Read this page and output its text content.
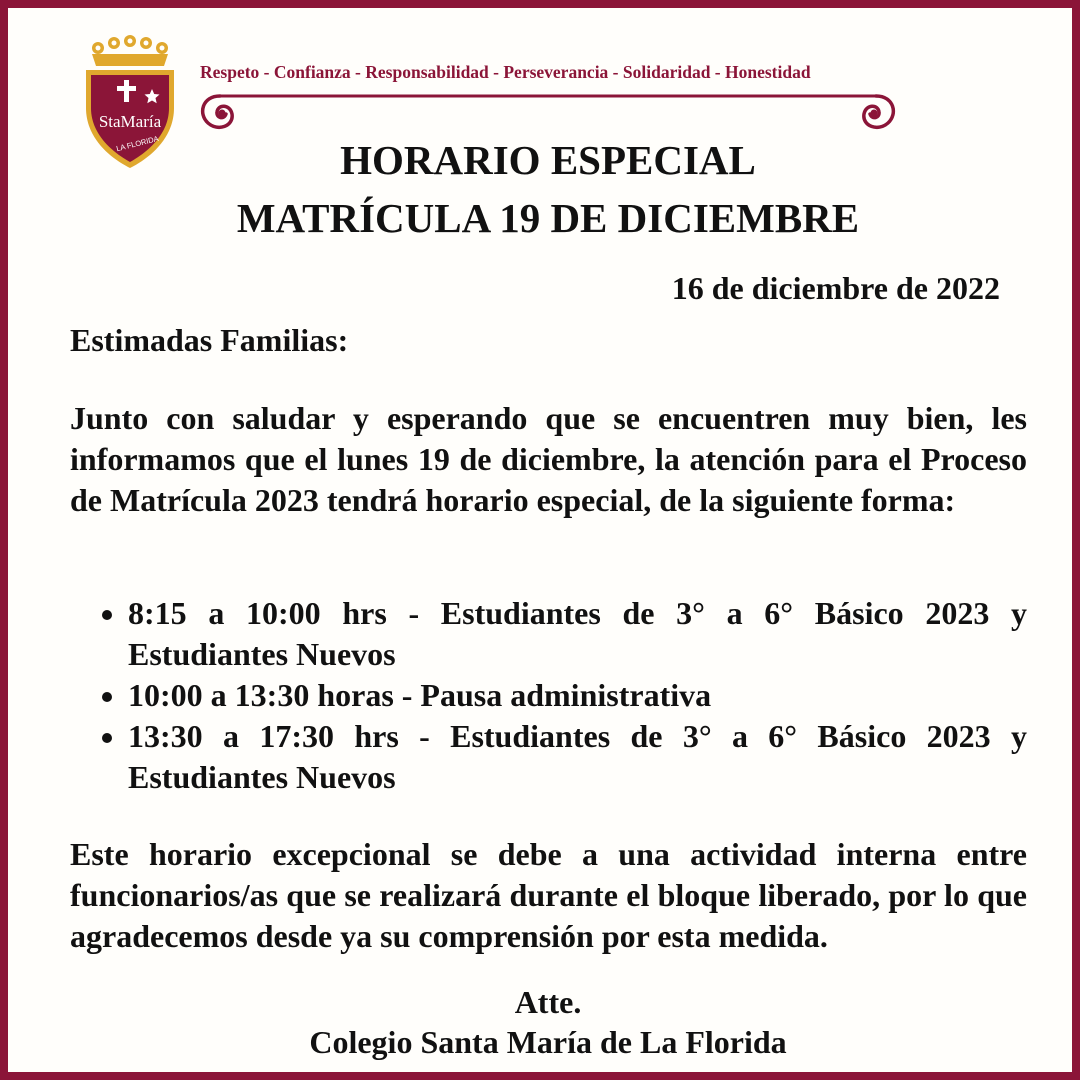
StaMaría
LA FLORIDA
Respeto - Confianza - Responsabilidad - Perseverancia - Solidaridad - Honestidad
HORARIO ESPECIAL
MATRÍCULA 19 DE DICIEMBRE
16 de diciembre de 2022
Estimadas Familias:

Junto con saludar y esperando que se encuentren muy bien, les informamos que el lunes 19 de diciembre, la atención para el Proceso de Matrícula 2023 tendrá horario especial, de la siguiente forma:

• 8:15 a 10:00 hrs - Estudiantes de 3° a 6° Básico 2023 y Estudiantes Nuevos
• 10:00 a 13:30 horas - Pausa administrativa
• 13:30 a 17:30 hrs - Estudiantes de 3° a 6° Básico 2023 y Estudiantes Nuevos

Este horario excepcional se debe a una actividad interna entre funcionarios/as que se realizará durante el bloque liberado, por lo que agradecemos desde ya su comprensión por esta medida.

Atte.
Colegio Santa María de La Florida
